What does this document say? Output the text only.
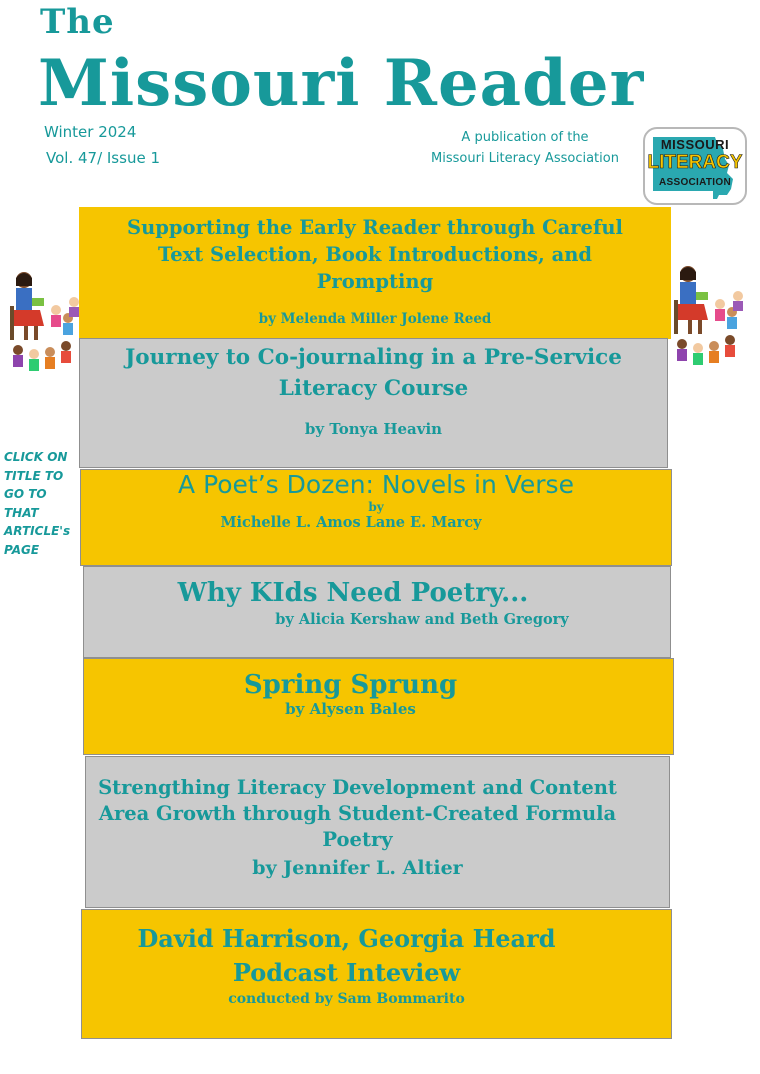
The
Missouri Reader
Winter 2024
Vol. 47/ Issue 1
A publication of the
Missouri Literacy Association
MISSOURI
LITERACY
ASSOCIATION
CLICK ON
TITLE TO
GO TO
THAT
ARTICLE's
PAGE
Supporting the Early Reader through Careful
Text Selection, Book Introductions, and
Prompting
by Melenda Miller Jolene Reed
Journey to Co-journaling in a Pre-Service
Literacy Course
by Tonya Heavin
A Poet’s Dozen: Novels in Verse
by
Michelle L. Amos Lane E. Marcy
Why KIds Need Poetry...
by Alicia Kershaw and Beth Gregory
Spring Sprung
by Alysen Bales
Strengthing Literacy Development and Content
Area Growth through Student-Created Formula
Poetry
by Jennifer L. Altier
David Harrison, Georgia Heard
Podcast Inteview
conducted by Sam Bommarito
